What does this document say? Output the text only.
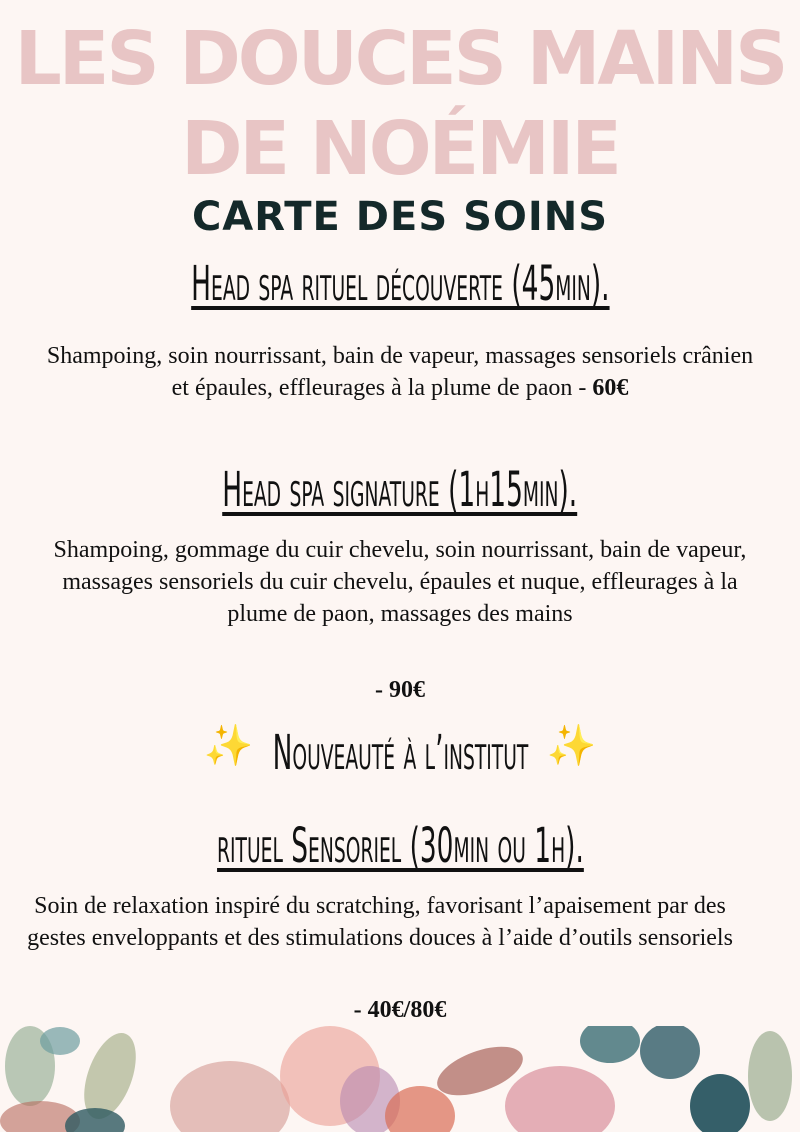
LES DOUCES MAINS
DE NOÉMIE
CARTE DES SOINS
Head spa rituel découverte (45min).
Shampoing, soin nourrissant, bain de vapeur, massages sensoriels crânien et épaules, effleurages à la plume de paon - 60€
Head spa signature (1h15min).
Shampoing, gommage du cuir chevelu, soin nourrissant, bain de vapeur, massages sensoriels du cuir chevelu, épaules et nuque, effleurages à la plume de paon, massages des mains
- 90€
✨ Nouveauté à l’institut ✨
rituel Sensoriel (30min ou 1h).
Soin de relaxation inspiré du scratching, favorisant l’apaisement par des gestes enveloppants et des stimulations douces à l’aide d’outils sensoriels
- 40€/80€
